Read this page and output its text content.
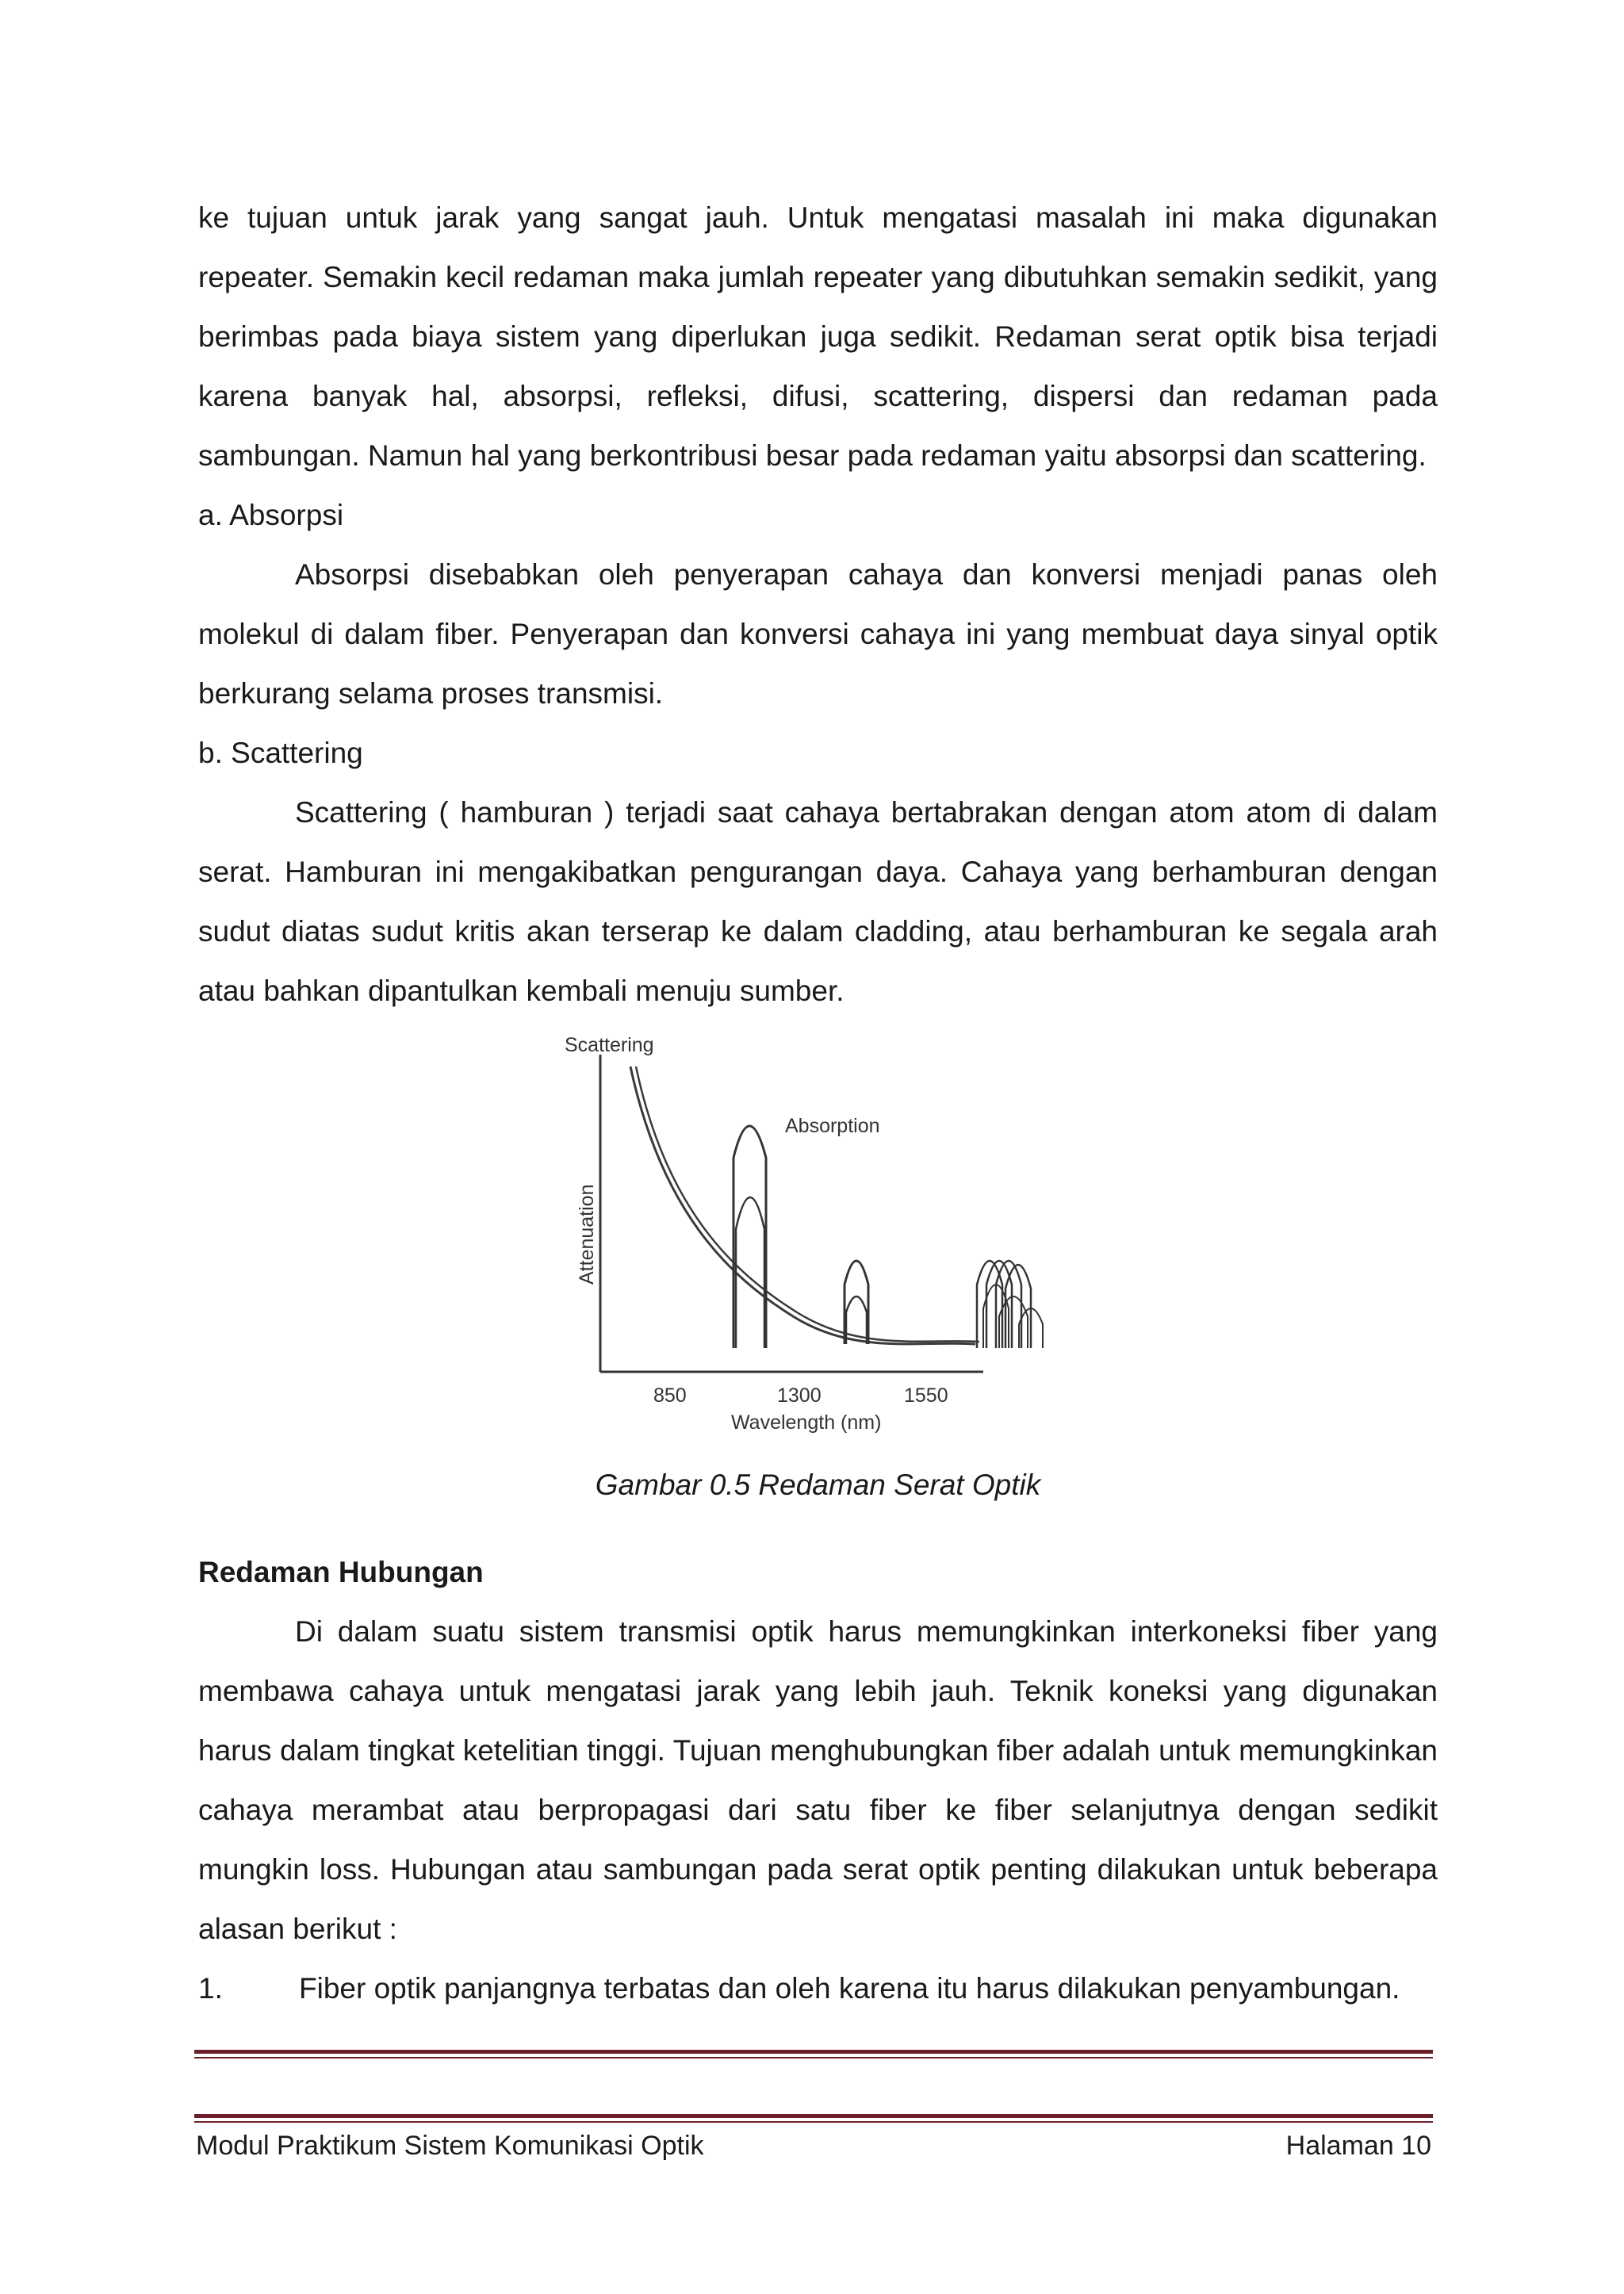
ke tujuan untuk jarak yang sangat jauh. Untuk mengatasi masalah ini maka digunakan repeater. Semakin kecil redaman maka jumlah repeater yang dibutuhkan semakin sedikit, yang berimbas pada biaya sistem yang diperlukan juga sedikit. Redaman serat optik bisa terjadi karena banyak hal, absorpsi, refleksi, difusi, scattering, dispersi dan redaman pada sambungan. Namun hal yang berkontribusi besar pada redaman yaitu absorpsi dan scattering.

a. Absorpsi

Absorpsi disebabkan oleh penyerapan cahaya dan konversi menjadi panas oleh molekul di dalam fiber. Penyerapan dan konversi cahaya ini yang membuat daya sinyal optik berkurang selama proses transmisi.

b. Scattering

Scattering ( hamburan ) terjadi saat cahaya bertabrakan dengan atom atom di dalam serat. Hamburan ini mengakibatkan pengurangan daya. Cahaya yang berhamburan dengan sudut diatas sudut kritis akan terserap ke dalam cladding, atau berhamburan ke segala arah atau bahkan dipantulkan kembali menuju sumber.

Scattering
Absorption
Attenuation
850	1300	1550
Wavelength (nm)

Gambar 0.5 Redaman Serat Optik

Redaman Hubungan

Di dalam suatu sistem transmisi optik harus memungkinkan interkoneksi fiber yang membawa cahaya untuk mengatasi jarak yang lebih jauh. Teknik koneksi yang digunakan harus dalam tingkat ketelitian tinggi. Tujuan menghubungkan fiber adalah untuk memungkinkan cahaya merambat atau berpropagasi dari satu fiber ke fiber selanjutnya dengan sedikit mungkin loss. Hubungan atau sambungan pada serat optik penting dilakukan untuk beberapa alasan berikut :

1.	Fiber optik panjangnya terbatas dan oleh karena itu harus dilakukan penyambungan.
Modul Praktikum Sistem Komunikasi Optik	Halaman 10
